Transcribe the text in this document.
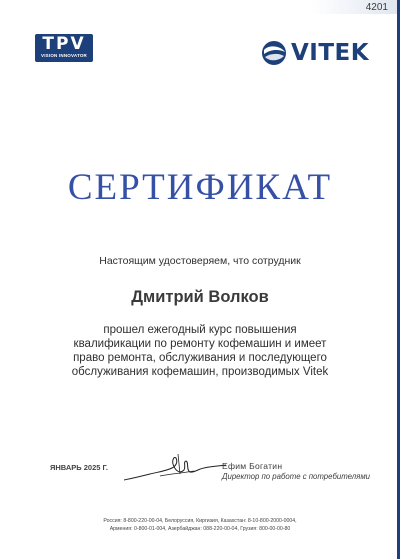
4201
TPV
VISION INNOVATOR	VITEK
СЕРТИФИКАТ
Настоящим удостоверяем, что сотрудник
Дмитрий Волков
прошел ежегодный курс повышения
квалификации по ремонту кофемашин и имеет
право ремонта, обслуживания и последующего
обслуживания кофемашин, производимых Vitek
ЯНВАРЬ 2025 Г.	Ефим Богатин
Директор по работе с потребителями
Россия: 8-800-220-00-04, Белоруссия, Киргизия, Казахстан: 8-10-800-2000-0004,
Армения: 0-800-01-004, Азербайджан: 088-220-00-04, Грузия: 800-00-00-80
